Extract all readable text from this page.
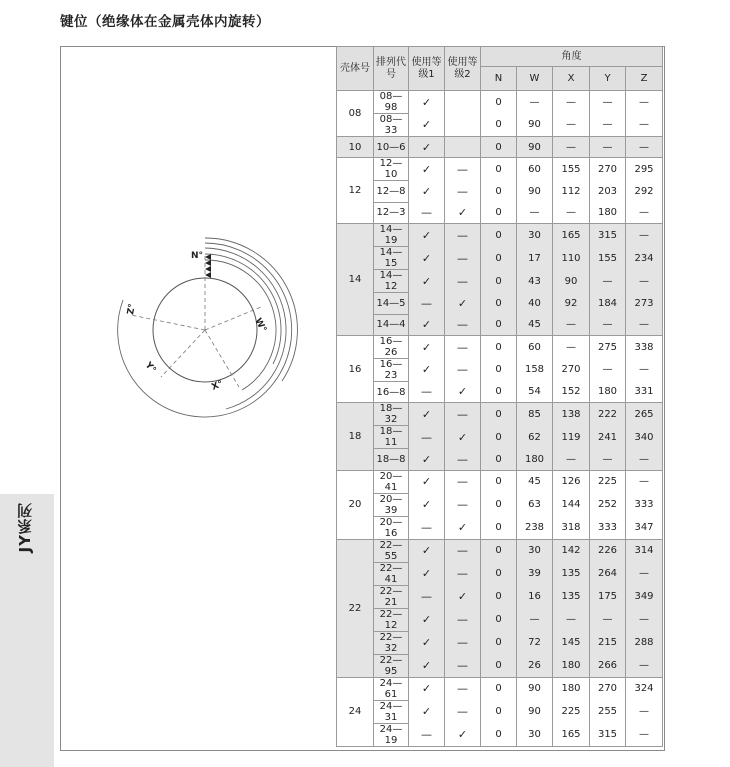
键位（绝缘体在金属壳体内旋转）
JY系列
N°
W°
X°
Y°
Z°
壳体号	排列代号	使用等级1	使用等级2	角度				
				N	W	X	Y	Z
08	08—98	✓		0	—	—	—	—
	08—33	✓		0	90	—	—	—
10	10—6	✓		0	90	—	—	—
12	12—10	✓	—	0	60	155	270	295
	12—8	✓	—	0	90	112	203	292
	12—3	—	✓	0	—	—	180	—
14	14—19	✓	—	0	30	165	315	—
	14—15	✓	—	0	17	110	155	234
	14—12	✓	—	0	43	90	—	—
	14—5	—	✓	0	40	92	184	273
	14—4	✓	—	0	45	—	—	—
16	16—26	✓	—	0	60	—	275	338
	16—23	✓	—	0	158	270	—	—
	16—8	—	✓	0	54	152	180	331
18	18—32	✓	—	0	85	138	222	265
	18—11	—	✓	0	62	119	241	340
	18—8	✓	—	0	180	—	—	—
20	20—41	✓	—	0	45	126	225	—
	20—39	✓	—	0	63	144	252	333
	20—16	—	✓	0	238	318	333	347
22	22—55	✓	—	0	30	142	226	314
	22—41	✓	—	0	39	135	264	—
	22—21	—	✓	0	16	135	175	349
	22—12	✓	—	0	—	—	—	—
	22—32	✓	—	0	72	145	215	288
	22—95	✓	—	0	26	180	266	—
24	24—61	✓	—	0	90	180	270	324
	24—31	✓	—	0	90	225	255	—
	24—19	—	✓	0	30	165	315	—
